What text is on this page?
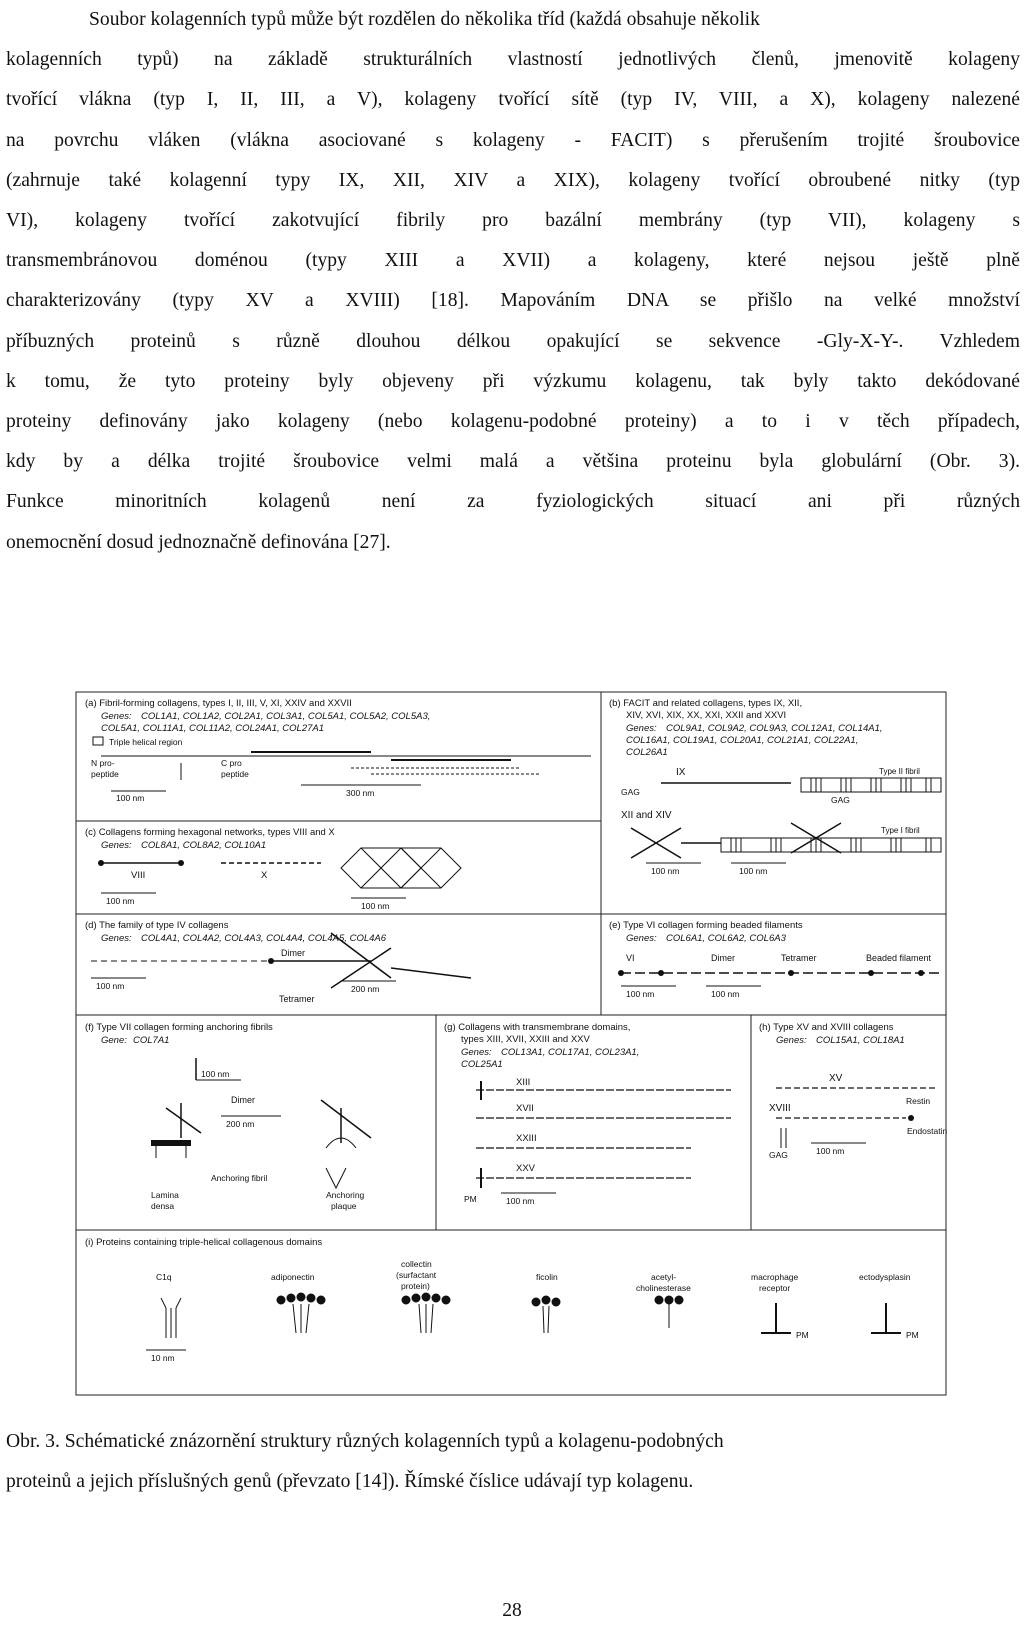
Soubor kolagenních typů může být rozdělen do několika tříd (každá obsahuje několik
kolagenních typů) na základě strukturálních vlastností jednotlivých členů, jmenovitě kolageny
tvořící vlákna (typ I, II, III, a V), kolageny tvořící sítě (typ IV, VIII, a X), kolageny nalezené
na povrchu vláken (vlákna asociované s kolageny - FACIT) s přerušením trojité šroubovice
(zahrnuje také kolagenní typy IX, XII, XIV a XIX), kolageny tvořící obroubené nitky (typ
VI), kolageny tvořící zakotvující fibrily pro bazální membrány (typ VII), kolageny s
transmembránovou doménou (typy XIII a XVII) a kolageny, které nejsou ještě plně
charakterizovány (typy XV a XVIII) [18]. Mapováním DNA se přišlo na velké množství
příbuzných proteinů s různě dlouhou délkou opakující se sekvence -Gly-X-Y-. Vzhledem
k tomu, že tyto proteiny byly objeveny při výzkumu kolagenu, tak byly takto dekódované
proteiny definovány jako kolageny (nebo kolagenu-podobné proteiny) a to i v těch případech,
kdy by a délka trojité šroubovice velmi malá a většina proteinu byla globulární (Obr. 3).
Funkce minoritních kolagenů není za fyziologických situací ani při různých
onemocnění dosud jednoznačně definována [27].
(a) Fibril-forming collagens, types I, II, III, V, XI, XXIV and XXVII
Genes: COL1A1, COL1A2, COL2A1, COL3A1, COL5A1, COL5A2, COL5A3,
COL5A1, COL11A1, COL11A2, COL24A1, COL27A1
Triple helical region
N pro-
peptide
C pro
peptide
100 nm	300 nm
(c) Collagens forming hexagonal networks, types VIII and X
Genes: COL8A1, COL8A2, COL10A1
VIII	X
100 nm	100 nm
(b) FACIT and related collagens, types IX, XII,
XIV, XVI, XIX, XX, XXI, XXII and XXVI
Genes: COL9A1, COL9A2, COL9A3, COL12A1, COL14A1,
COL16A1, COL19A1, COL20A1, COL21A1, COL22A1,
COL26A1
IX
GAG
Type II fibril
GAG
XII and XIV
Type I fibril
100 nm	100 nm
(d) The family of type IV collagens
Genes: COL4A1, COL4A2, COL4A3, COL4A4, COL4A5, COL4A6
Dimer
Tetramer
100 nm	200 nm
(e) Type VI collagen forming beaded filaments
Genes: COL6A1, COL6A2, COL6A3
VI	Dimer	Tetramer	Beaded filament
100 nm	100 nm
(f) Type VII collagen forming anchoring fibrils
Gene: COL7A1
100 nm
Dimer
200 nm
Anchoring fibril
Anchoring
plaque
Lamina
densa
(g) Collagens with transmembrane domains,
types XIII, XVII, XXIII and XXV
Genes: COL13A1, COL17A1, COL23A1,
COL25A1
XIII
XVII
XXIII
XXV
PM	100 nm
(h) Type XV and XVIII collagens
Genes: COL15A1, COL18A1
XV
XVIII
Restin
Endostatin
GAG	100 nm
(i) Proteins containing triple-helical collagenous domains
C1q	adiponectin
collectin
(surfactant
protein)
ficolin	acetyl-
cholinesterase
macrophage
receptor
ectodysplasin
PM	PM
10 nm
Obr. 3. Schématické znázornění struktury různých kolagenních typů a kolagenu-podobných
proteinů a jejich příslušných genů (převzato [14]). Římské číslice udávají typ kolagenu.
28
